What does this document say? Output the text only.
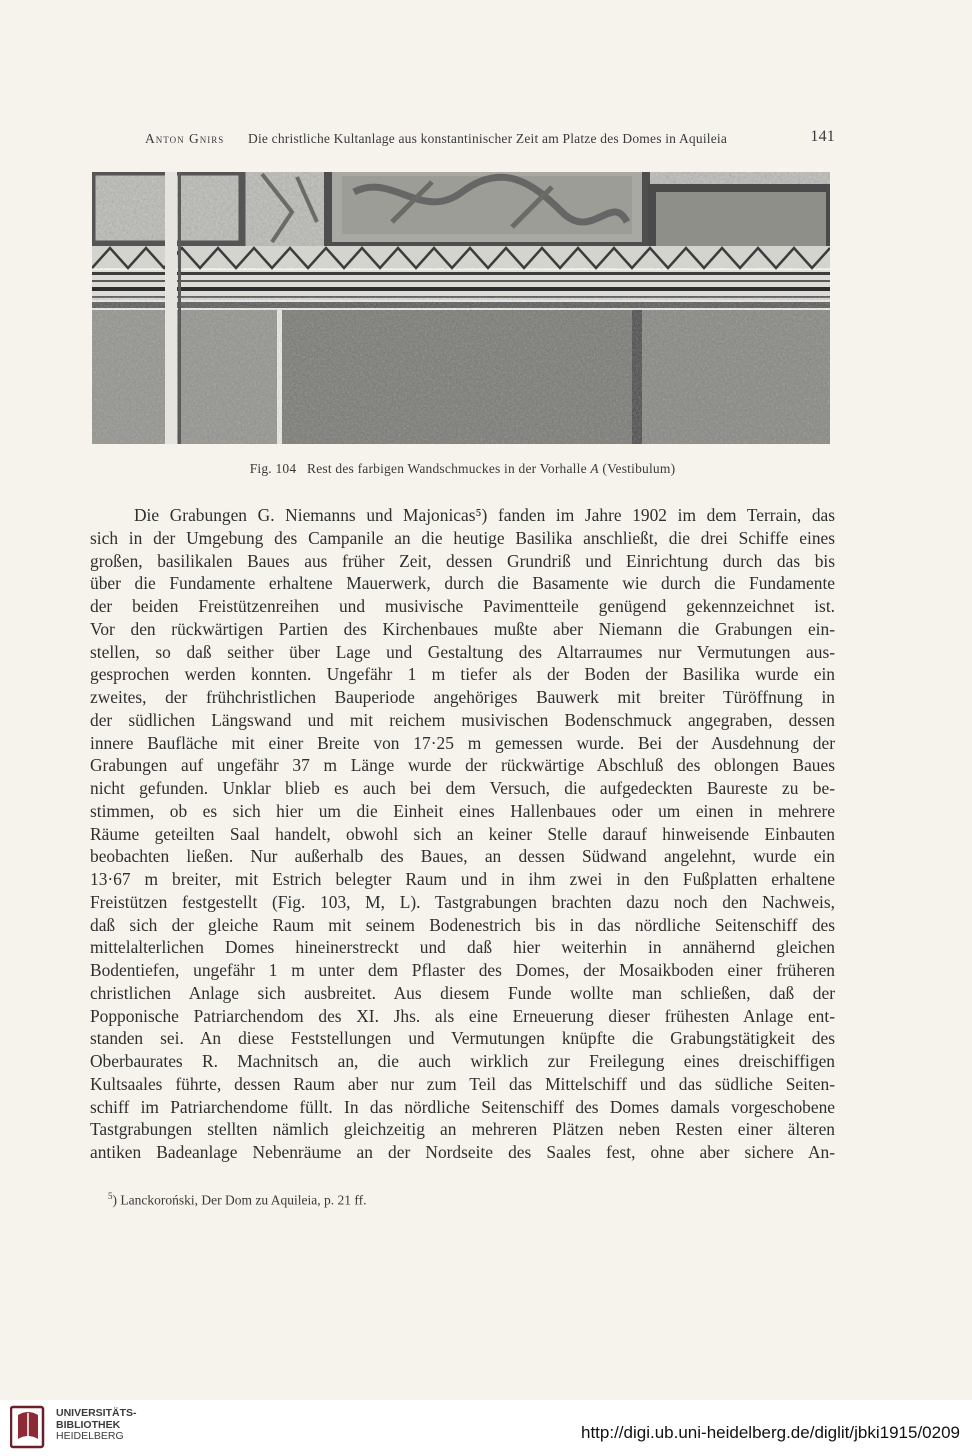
Anton Gnirs Die christliche Kultanlage aus konstantinischer Zeit am Platze des Domes in Aquileia	141
Fig. 104 Rest des farbigen Wandschmuckes in der Vorhalle A (Vestibulum)
Die Grabungen G. Niemanns und Majonicas⁵) fanden im Jahre 1902 im dem Terrain, das
sich in der Umgebung des Campanile an die heutige Basilika anschließt, die drei Schiffe eines
großen, basilikalen Baues aus früher Zeit, dessen Grundriß und Einrichtung durch das bis
über die Fundamente erhaltene Mauerwerk, durch die Basamente wie durch die Fundamente
der beiden Freistützenreihen und musivische Pavimentteile genügend gekennzeichnet ist.
Vor den rückwärtigen Partien des Kirchenbaues mußte aber Niemann die Grabungen ein-
stellen, so daß seither über Lage und Gestaltung des Altarraumes nur Vermutungen aus-
gesprochen werden konnten. Ungefähr 1 m tiefer als der Boden der Basilika wurde ein
zweites, der frühchristlichen Bauperiode angehöriges Bauwerk mit breiter Türöffnung in
der südlichen Längswand und mit reichem musivischen Bodenschmuck angegraben, dessen
innere Baufläche mit einer Breite von 17·25 m gemessen wurde. Bei der Ausdehnung der
Grabungen auf ungefähr 37 m Länge wurde der rückwärtige Abschluß des oblongen Baues
nicht gefunden. Unklar blieb es auch bei dem Versuch, die aufgedeckten Baureste zu be-
stimmen, ob es sich hier um die Einheit eines Hallenbaues oder um einen in mehrere
Räume geteilten Saal handelt, obwohl sich an keiner Stelle darauf hinweisende Einbauten
beobachten ließen. Nur außerhalb des Baues, an dessen Südwand angelehnt, wurde ein
13·67 m breiter, mit Estrich belegter Raum und in ihm zwei in den Fußplatten erhaltene
Freistützen festgestellt (Fig. 103, M, L). Tastgrabungen brachten dazu noch den Nachweis,
daß sich der gleiche Raum mit seinem Bodenestrich bis in das nördliche Seitenschiff des
mittelalterlichen Domes hineinerstreckt und daß hier weiterhin in annähernd gleichen
Bodentiefen, ungefähr 1 m unter dem Pflaster des Domes, der Mosaikboden einer früheren
christlichen Anlage sich ausbreitet. Aus diesem Funde wollte man schließen, daß der
Popponische Patriarchendom des XI. Jhs. als eine Erneuerung dieser frühesten Anlage ent-
standen sei. An diese Feststellungen und Vermutungen knüpfte die Grabungstätigkeit des
Oberbaurates R. Machnitsch an, die auch wirklich zur Freilegung eines dreischiffigen
Kultsaales führte, dessen Raum aber nur zum Teil das Mittelschiff und das südliche Seiten-
schiff im Patriarchendome füllt. In das nördliche Seitenschiff des Domes damals vorgeschobene
Tastgrabungen stellten nämlich gleichzeitig an mehreren Plätzen neben Resten einer älteren
antiken Badeanlage Nebenräume an der Nordseite des Saales fest, ohne aber sichere An-
$^5$) Lanckoroński, Der Dom zu Aquileia, p. 21 ff.
UNIVERSITÄTS-
BIBLIOTHEK
HEIDELBERG	http://digi.ub.uni-heidelberg.de/diglit/jbki1915/0209
